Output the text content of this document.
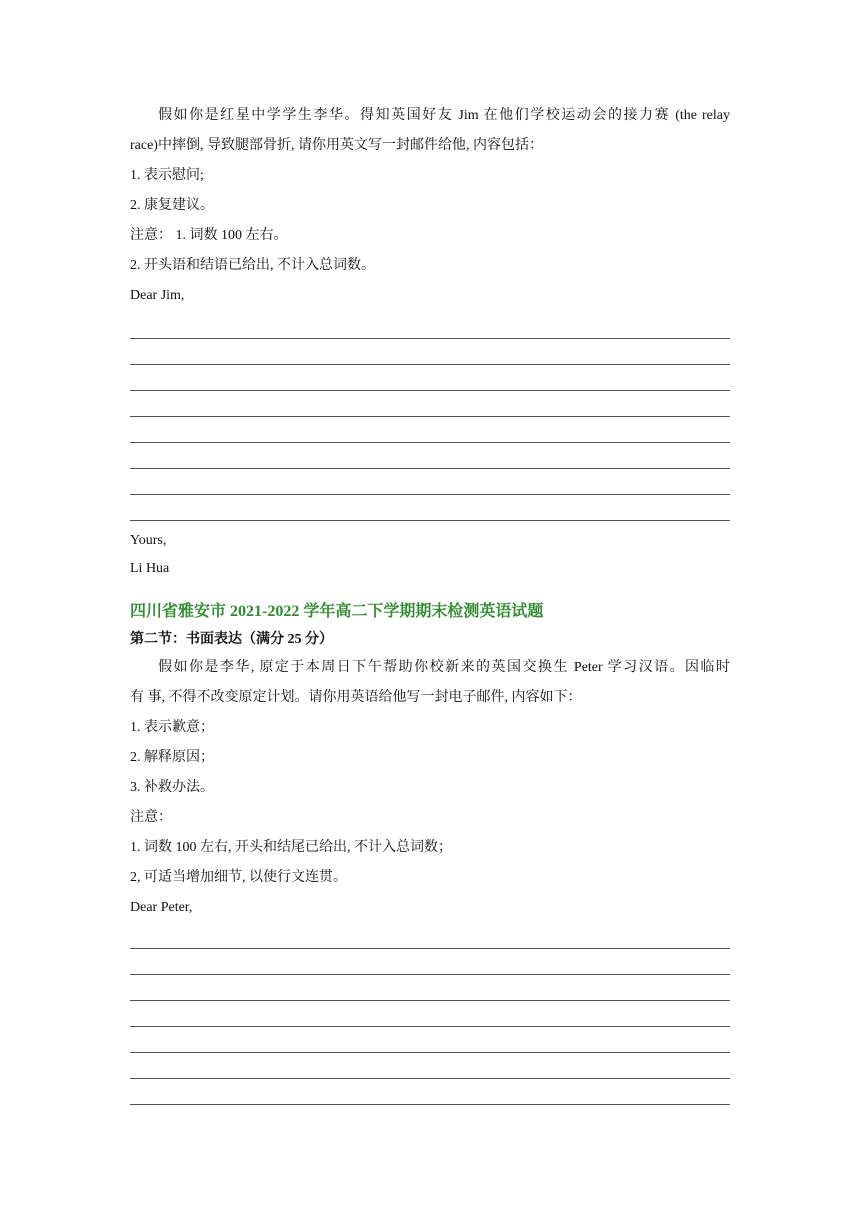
假如你是红星中学学生李华。得知英国好友 Jim 在他们学校运动会的接力赛 (the relay
race)中摔倒, 导致腿部骨折, 请你用英文写一封邮件给他, 内容包括：
1. 表示慰问;
2. 康复建议。
注意： 1. 词数 100 左右。
2. 开头语和结语已给出, 不计入总词数。
Dear Jim,
Yours,
Li Hua
四川省雅安市 2021-2022 学年高二下学期期末检测英语试题
第二节：书面表达（满分 25 分）
假如你是李华, 原定于本周日下午帮助你校新来的英国交换生 Peter 学习汉语。因临时
有 事, 不得不改变原定计划。请你用英语给他写一封电子邮件, 内容如下：
1. 表示歉意；
2. 解释原因；
3. 补救办法。
注意：
1. 词数 100 左右, 开头和结尾已给出, 不计入总词数；
2, 可适当增加细节, 以使行文连贯。
Dear Peter,
